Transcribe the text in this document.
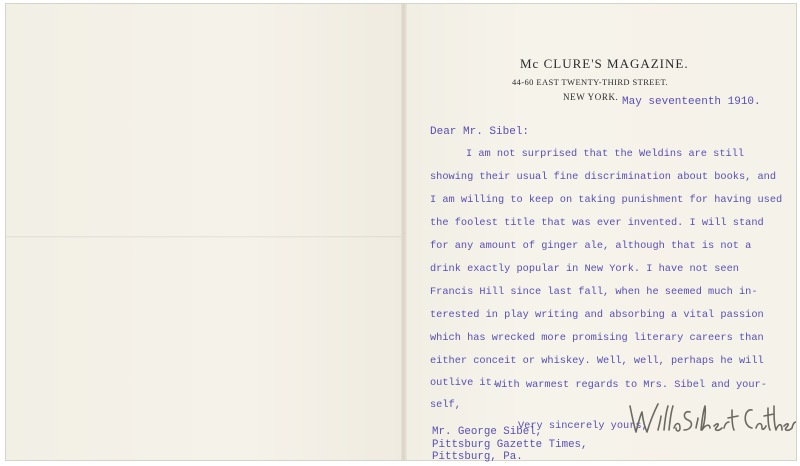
Mc CLURE'S MAGAZINE.
44-60 EAST TWENTY-THIRD STREET.
NEW YORK. May seventeenth 1910.
Dear Mr. Sibel:
I am not surprised that the Weldins are still
showing their usual fine discrimination about books, and
I am willing to keep on taking punishment for having used
the foolest title that was ever invented. I will stand
for any amount of ginger ale, although that is not a
drink exactly popular in New York. I have not seen
Francis Hill since last fall, when he seemed much in-
terested in play writing and absorbing a vital passion
which has wrecked more promising literary careers than
either conceit or whiskey. Well, well, perhaps he will
outlive it.
With warmest regards to Mrs. Sibel and your-
self,
Very sincerely yours,
Mr. George Sibel,
Pittsburg Gazette Times,
Pittsburg, Pa.
